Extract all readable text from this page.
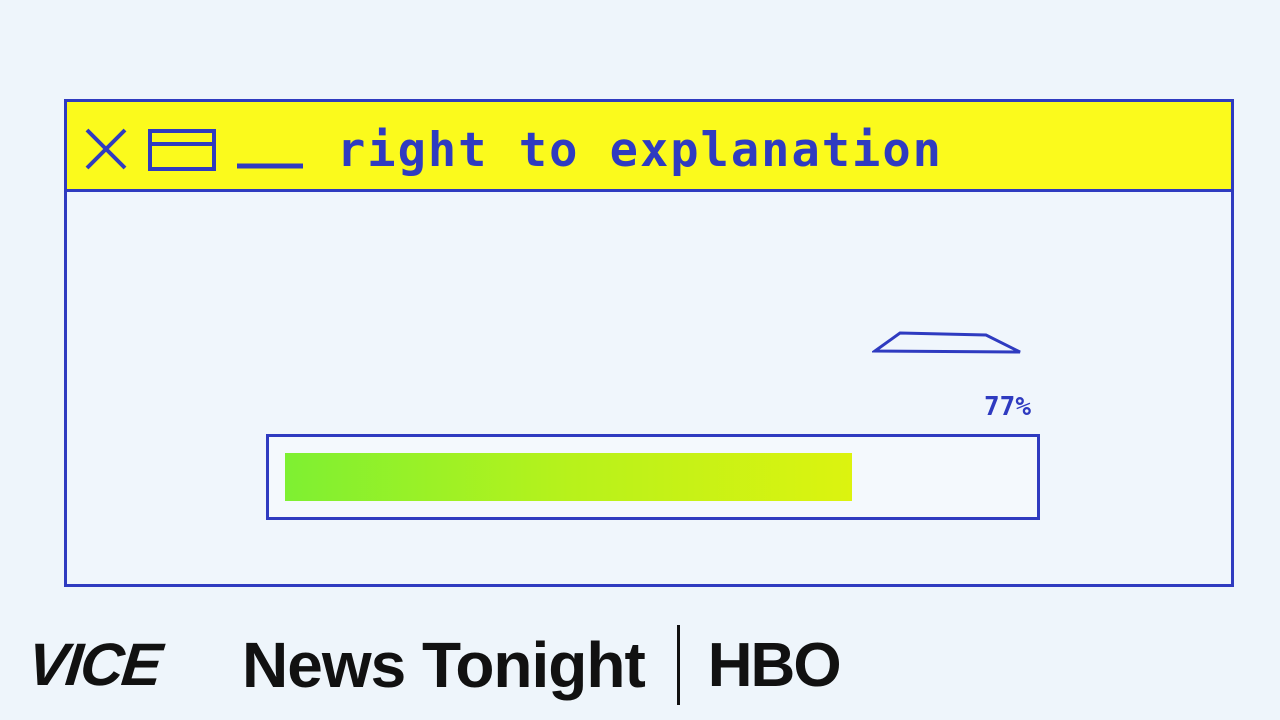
right to explanation
77%
VICE News Tonight HBO
